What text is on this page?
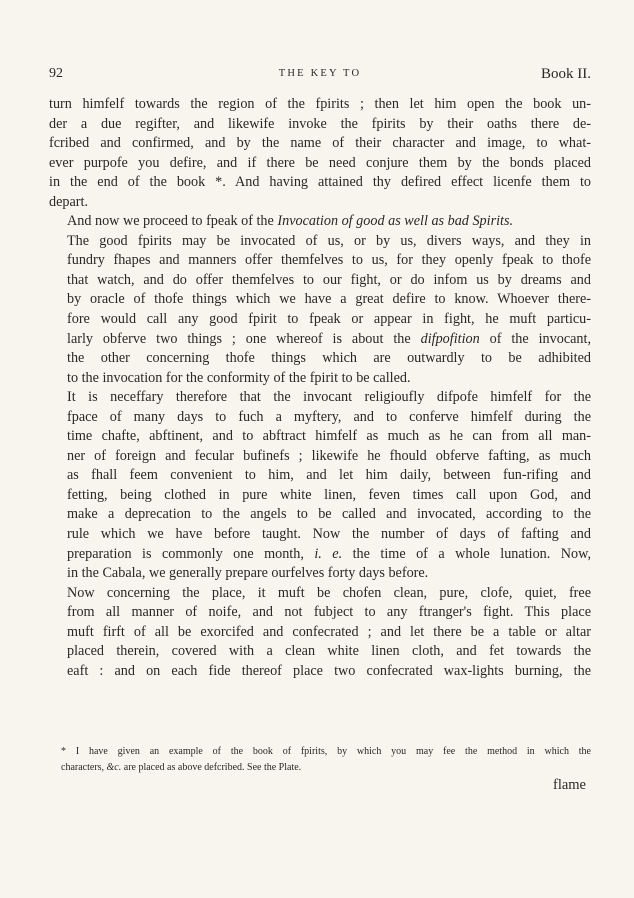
92	THE KEY TO	Book II.

turn himfelf towards the region of the fpirits ; then let him open the book un-
der a due regifter, and likewife invoke the fpirits by their oaths there de-
fcribed and confirmed, and by the name of their character and image, to what-
ever purpofe you defire, and if there be need conjure them by the bonds placed
in the end of the book *. And having attained thy defired effect licenfe them to
depart.

And now we proceed to fpeak of the Invocation of good as well as bad Spirits.

The good fpirits may be invocated of us, or by us, divers ways, and they in
fundry fhapes and manners offer themfelves to us, for they openly fpeak to thofe
that watch, and do offer themfelves to our fight, or do infom us by dreams and
by oracle of thofe things which we have a great defire to know. Whoever there-
fore would call any good fpirit to fpeak or appear in fight, he muft particu-
larly obferve two things ; one whereof is about the difpofition of the invocant,
the other concerning thofe things which are outwardly to be adhibited
to the invocation for the conformity of the fpirit to be called.

It is neceffary therefore that the invocant religioufly difpofe himfelf for the
fpace of many days to fuch a myftery, and to conferve himfelf during the
time chafte, abftinent, and to abftract himfelf as much as he can from all man-
ner of foreign and fecular bufinefs ; likewife he fhould obferve fafting, as much
as fhall feem convenient to him, and let him daily, between fun-rifing and
fetting, being clothed in pure white linen, feven times call upon God, and
make a deprecation to the angels to be called and invocated, according to the
rule which we have before taught. Now the number of days of fafting and
preparation is commonly one month, i. e. the time of a whole lunation. Now,
in the Cabala, we generally prepare ourfelves forty days before.

Now concerning the place, it muft be chofen clean, pure, clofe, quiet, free
from all manner of noife, and not fubject to any ftranger's fight. This place
muft firft of all be exorcifed and confecrated ; and let there be a table or altar
placed therein, covered with a clean white linen cloth, and fet towards the
eaft : and on each fide thereof place two confecrated wax-lights burning, the

* I have given an example of the book of fpirits, by which you may fee the method in which the
characters, &c. are placed as above defcribed. See the Plate.
flame
